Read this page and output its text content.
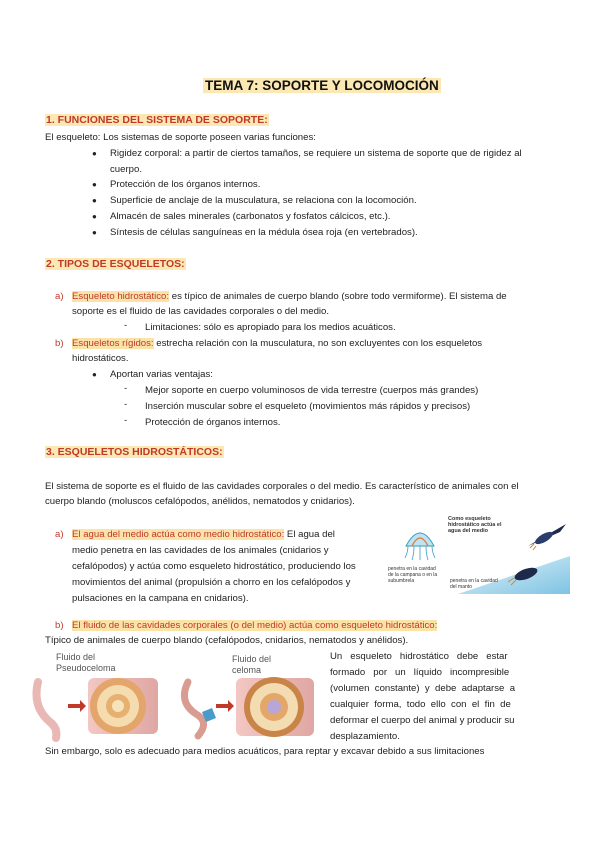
TEMA 7: SOPORTE Y LOCOMOCIÓN
1. FUNCIONES DEL SISTEMA DE SOPORTE:
El esqueleto: Los sistemas de soporte poseen varias funciones:
● Rigidez corporal: a partir de ciertos tamaños, se requiere un sistema de soporte que de rigidez al
cuerpo.
● Protección de los órganos internos.
● Superficie de anclaje de la musculatura, se relaciona con la locomoción.
● Almacén de sales minerales (carbonatos y fosfatos cálcicos, etc.).
● Síntesis de células sanguíneas en la médula ósea roja (en vertebrados).
2. TIPOS DE ESQUELETOS:
a) Esqueleto hidrostático: es típico de animales de cuerpo blando (sobre todo vermiforme). El sistema de
soporte es el fluido de las cavidades corporales o del medio.
- Limitaciones: sólo es apropiado para los medios acuáticos.
b) Esqueletos rígidos: estrecha relación con la musculatura, no son excluyentes con los esqueletos
hidrostáticos.
● Aportan varias ventajas:
- Mejor soporte en cuerpo voluminosos de vida terrestre (cuerpos más grandes)
- Inserción muscular sobre el esqueleto (movimientos más rápidos y precisos)
- Protección de órganos internos.
3. ESQUELETOS HIDROSTÁTICOS:
El sistema de soporte es el fluido de las cavidades corporales o del medio. Es característico de animales con el
cuerpo blando (moluscos cefalópodos, anélidos, nematodos y cnidarios).
a) El agua del medio actúa como medio hidrostático: El agua del
medio penetra en las cavidades de los animales (cnidarios y
cefalópodos) y actúa como esqueleto hidrostático, produciendo los
movimientos del animal (propulsión a chorro en los cefalópodos y
pulsaciones en la campana en cnidarios).
Como esqueleto hidrostático actúa el agua del medio
penetra en la cavidad de la campana o en la subumbrela	penetra en la cavidad del manto
b) El fluido de las cavidades corporales (o del medio) actúa como esqueleto hidrostático:
Típico de animales de cuerpo blando (cefalópodos, cnidarios, nematodos y anélidos).
Fluido del
Pseudoceloma
Fluido del
celoma
Un   esqueleto   hidrostático   debe   estar
formado   por   un   líquido   incompresible
(volumen  constante)  y  debe  adaptarse  a
cualquier  forma,  todo  ello  con  el  fin  de
deformar el cuerpo del animal y producir su
desplazamiento.
Sin embargo, solo es adecuado para medios acuáticos, para reptar y excavar debido a sus limitaciones
